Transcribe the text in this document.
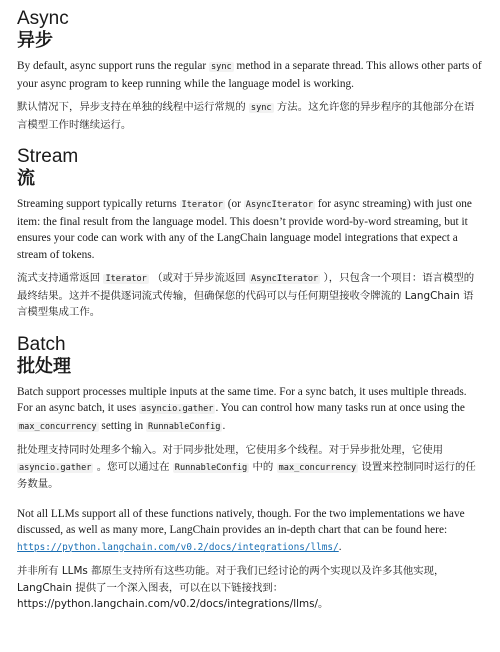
Async
异步

By default, async support runs the regular sync method in a separate thread. This allows other parts of your async program to keep running while the language model is working.

默认情况下，异步支持在单独的线程中运行常规的 sync 方法。这允许您的异步程序的其他部分在语言模型工作时继续运行。

Stream
流

Streaming support typically returns Iterator (or AsyncIterator for async streaming) with just one item: the final result from the language model. This doesn’t provide word-by-word streaming, but it ensures your code can work with any of the LangChain language model integrations that expect a stream of tokens.

流式支持通常返回 Iterator （或对于异步流返回 AsyncIterator ），只包含一个项目：语言模型的最终结果。这并不提供逐词流式传输，但确保您的代码可以与任何期望接收令牌流的 LangChain 语言模型集成工作。

Batch
批处理

Batch support processes multiple inputs at the same time. For a sync batch, it uses multiple threads. For an async batch, it uses asyncio.gather . You can control how many tasks run at once using the max_concurrency setting in RunnableConfig .

批处理支持同时处理多个输入。对于同步批处理，它使用多个线程。对于异步批处理，它使用 asyncio.gather 。您可以通过在 RunnableConfig 中的 max_concurrency 设置来控制同时运行的任务数量。

Not all LLMs support all of these functions natively, though. For the two implementations we have discussed, as well as many more, LangChain provides an in-depth chart that can be found here: https://python.langchain.com/v0.2/docs/integrations/llms/.

并非所有 LLMs 都原生支持所有这些功能。对于我们已经讨论的两个实现以及许多其他实现，LangChain 提供了一个深入图表，可以在以下链接找到：https://python.langchain.com/v0.2/docs/integrations/llms/。
